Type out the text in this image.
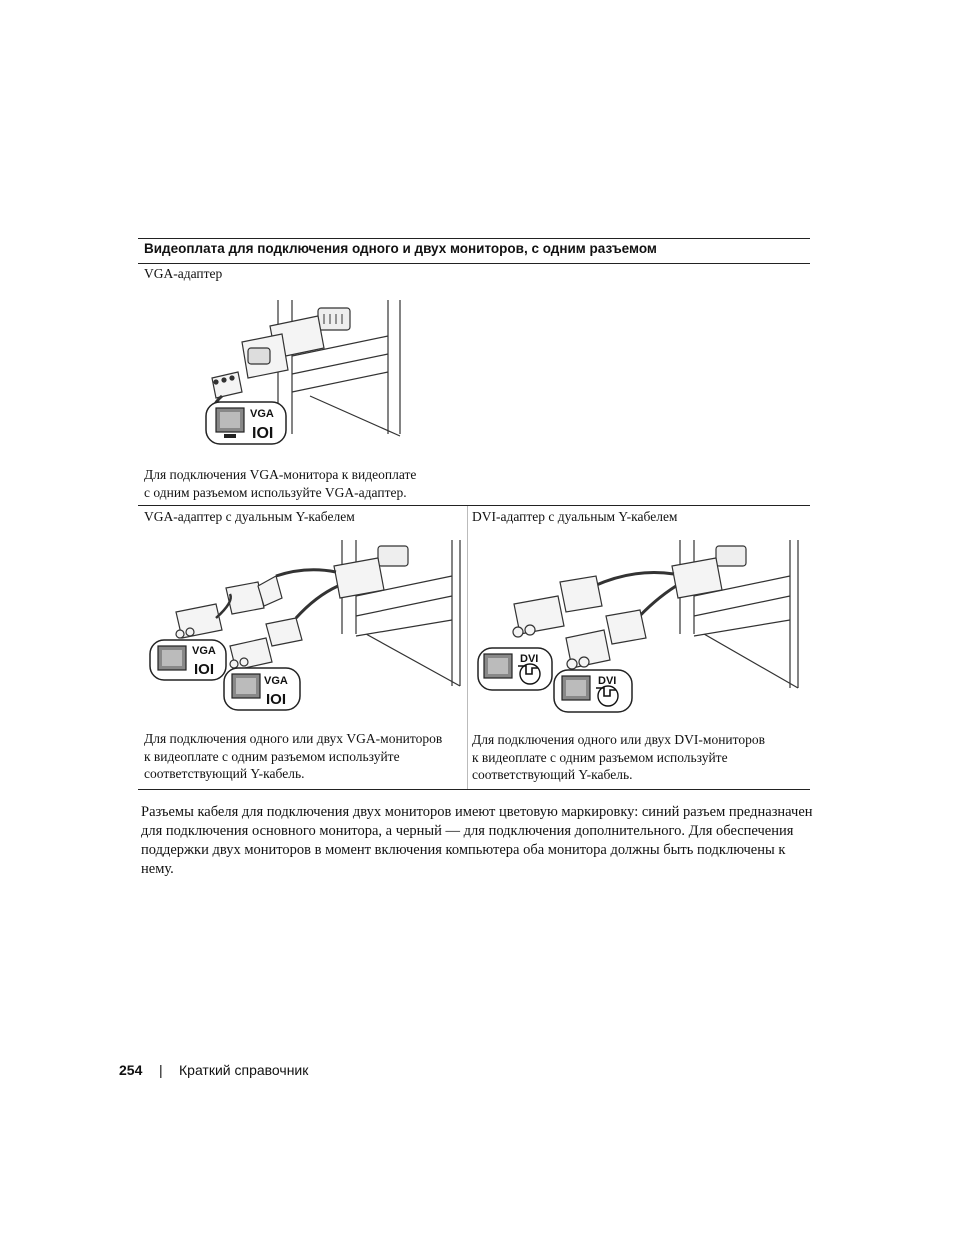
Видеоплата для подключения одного и двух мониторов, с одним разъемом
VGA-адаптер
VGA
IOI
Для подключения VGA-монитора к видеоплате
с одним разъемом используйте VGA-адаптер.
VGA-адаптер с дуальным Y-кабелем
VGA
IOI
VGA
IOI
Для подключения одного или двух VGA-мониторов
к видеоплате с одним разъемом используйте
соответствующий Y-кабель.
DVI-адаптер с дуальным Y-кабелем
DVI
DVI
Для подключения одного или двух DVI-мониторов
к видеоплате с одним разъемом используйте
соответствующий Y-кабель.
Разъемы кабеля для подключения двух мониторов имеют цветовую маркировку: синий разъем предназначен
для подключения основного монитора, а черный — для подключения дополнительного. Для обеспечения
поддержки двух мониторов в момент включения компьютера оба монитора должны быть подключены к нему.
254 | Краткий справочник
